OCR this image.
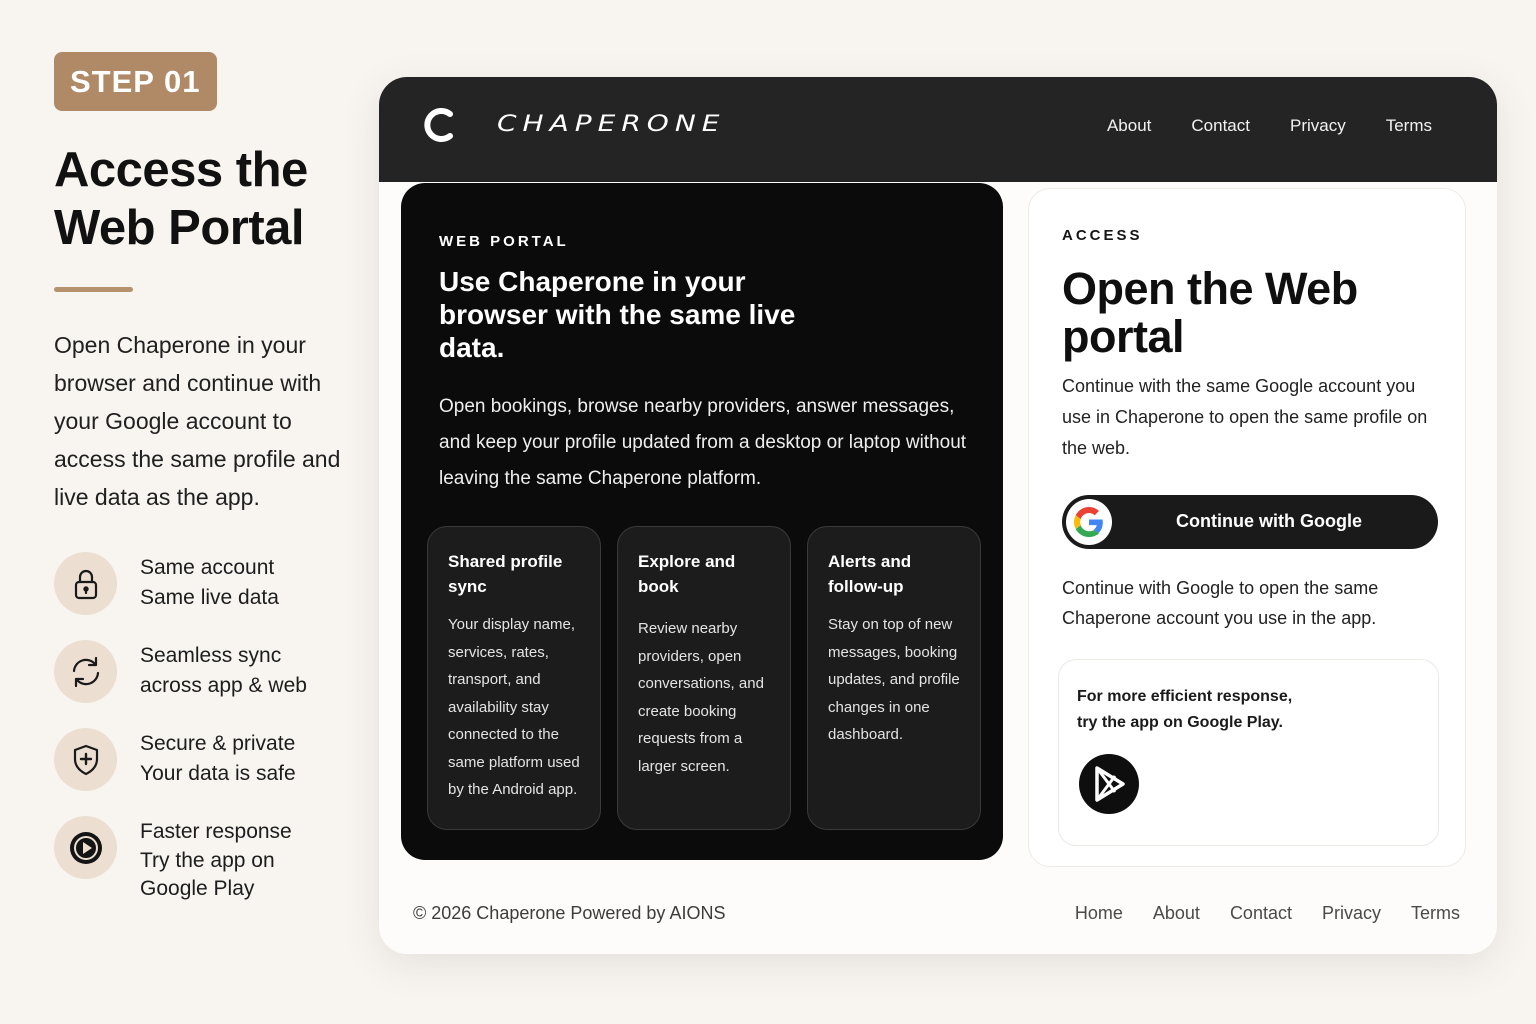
STEP 01
Access the
Web Portal

Open Chaperone in your browser and continue with your Google account to access the same profile and live data as the app.

Same account
Same live data
Seamless sync
across app & web
Secure & private
Your data is safe
Faster response
Try the app on
Google Play
CHAPERONE	About Contact Privacy Terms
WEB PORTAL
Use Chaperone in your browser with the same live data.

Open bookings, browse nearby providers, answer messages, and keep your profile updated from a desktop or laptop without leaving the same Chaperone platform.

Shared profile sync

Your display name, services, rates, transport, and availability stay connected to the same platform used by the Android app.

Explore and book

Review nearby providers, open conversations, and create booking requests from a larger screen.

Alerts and follow-up

Stay on top of new messages, booking updates, and profile changes in one dashboard.

ACCESS
Open the Web portal

Continue with the same Google account you use in Chaperone to open the same profile on the web.

Continue with Google

Continue with Google to open the same Chaperone account you use in the app.

For more efficient response,
try the app on Google Play.
© 2026 Chaperone Powered by AIONS	Home About Contact Privacy Terms
